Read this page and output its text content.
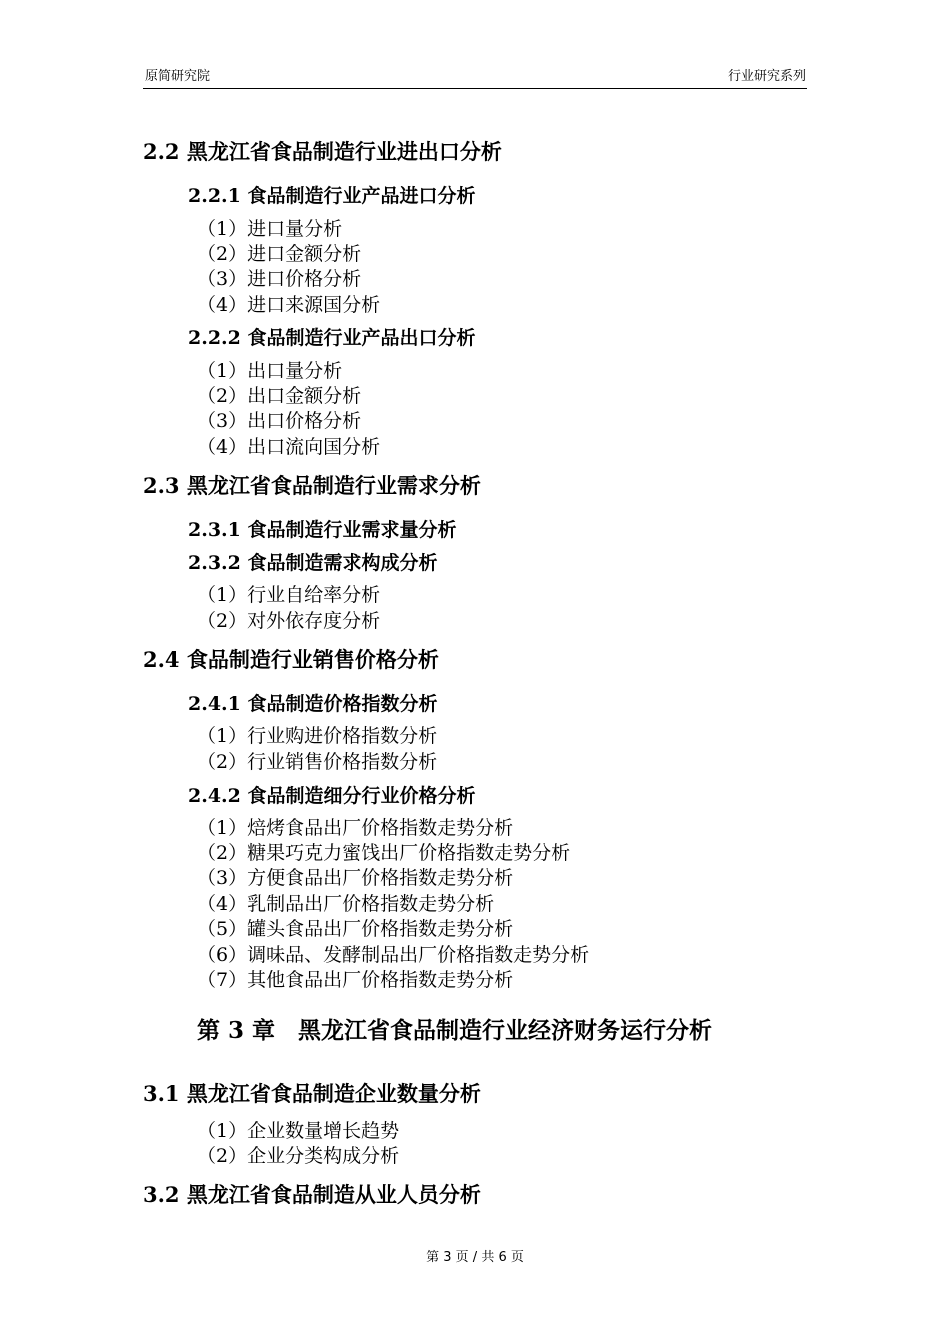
原简研究院	行业研究系列
2.2 黑龙江省食品制造行业进出口分析
2.2.1 食品制造行业产品进口分析
（1）进口量分析
（2）进口金额分析
（3）进口价格分析
（4）进口来源国分析
2.2.2 食品制造行业产品出口分析
（1）出口量分析
（2）出口金额分析
（3）出口价格分析
（4）出口流向国分析
2.3 黑龙江省食品制造行业需求分析
2.3.1 食品制造行业需求量分析
2.3.2 食品制造需求构成分析
（1）行业自给率分析
（2）对外依存度分析
2.4 食品制造行业销售价格分析
2.4.1 食品制造价格指数分析
（1）行业购进价格指数分析
（2）行业销售价格指数分析
2.4.2 食品制造细分行业价格分析
（1）焙烤食品出厂价格指数走势分析
（2）糖果巧克力蜜饯出厂价格指数走势分析
（3）方便食品出厂价格指数走势分析
（4）乳制品出厂价格指数走势分析
（5）罐头食品出厂价格指数走势分析
（6）调味品、发酵制品出厂价格指数走势分析
（7）其他食品出厂价格指数走势分析
第 3 章　黑龙江省食品制造行业经济财务运行分析
3.1 黑龙江省食品制造企业数量分析
（1）企业数量增长趋势
（2）企业分类构成分析
3.2 黑龙江省食品制造从业人员分析
第 3 页 / 共 6 页
